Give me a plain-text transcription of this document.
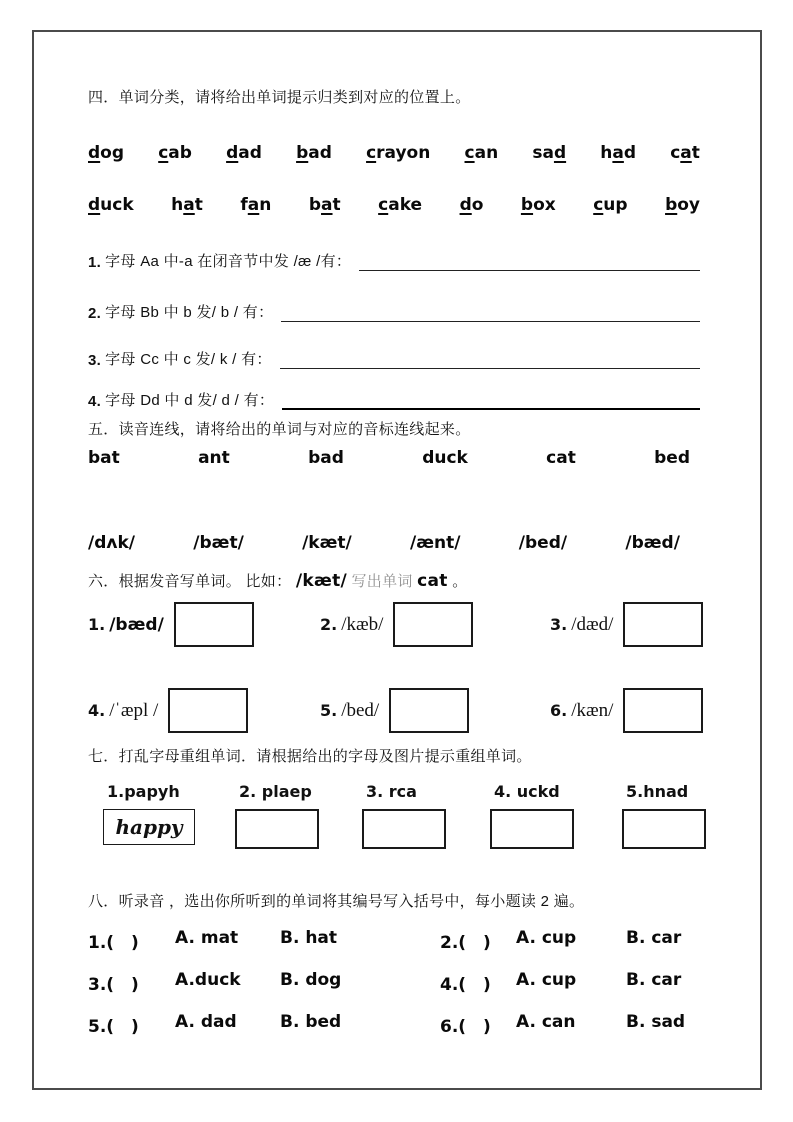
四．单词分类，请将给出单词提示归类到对应的位置上。
dog cab dad bad crayon can sad had cat
duck hat fan bat cake do box cup boy
1. 字母 Aa 中-a 在闭音节中发 /æ /有：
2. 字母 Bb 中 b 发/ b / 有：
3. 字母 Cc 中 c 发/ k / 有：
4. 字母 Dd 中 d 发/ d / 有：
五．读音连线，请将给出的单词与对应的音标连线起来。
bat	ant	bad	duck	cat	bed
/dʌk/	/bæt/	/kæt/	/ænt/	/bed/	/bæd/
六．根据发音写单词。 比如： /kæt/ 写出单词 cat 。
1. /bæd/	2. /kæb/	3. /dæd/
4. /ˈæpl /	5. /bed/	6. /kæn/
七．打乱字母重组单词．请根据给出的字母及图片提示重组单词。
1.papyh
happy
2. plaep	3. rca	4. uckd	5.hnad
八．听录音 ，选出你所听到的单词将其编号写入括号中，每小题读 2 遍。
1.(　)	A. mat	B. hat	2.(　)	A. cup	B. car
3.(　)	A.duck	B. dog	4.(　)	A. cup	B. car
5.(　)	A. dad	B. bed	6.(　)	A. can	B. sad
